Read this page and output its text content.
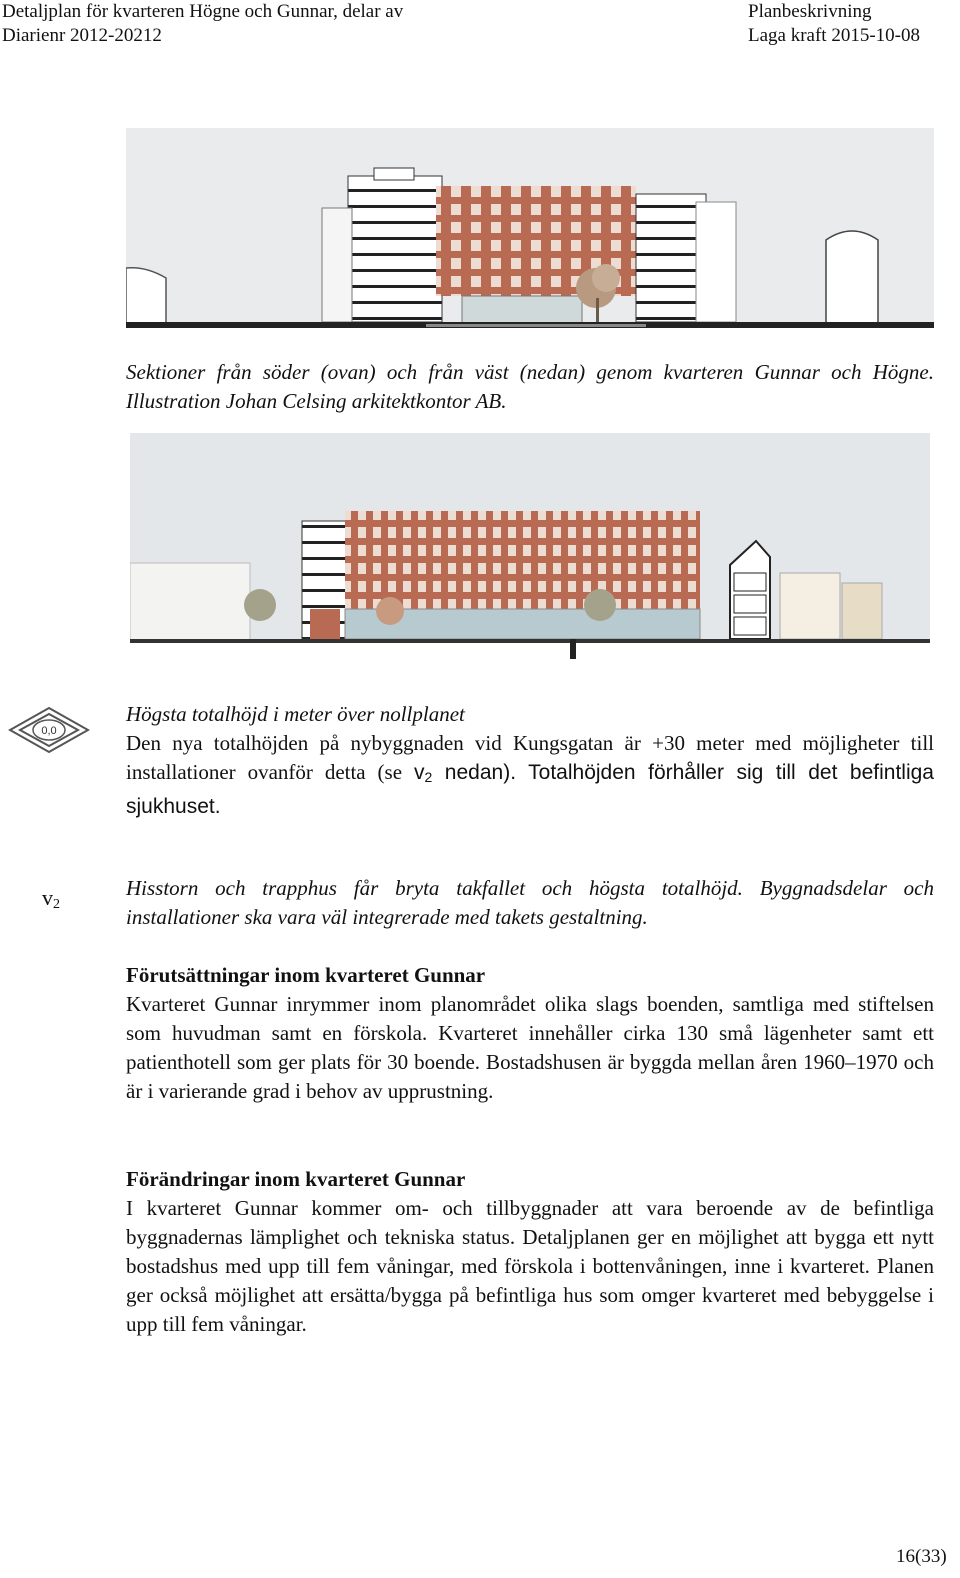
Detaljplan för kvarteren Högne och Gunnar, delar av
Diarienr 2012-20212
Planbeskrivning
Laga kraft 2015-10-08
Sektioner från söder (ovan) och från väst (nedan) genom kvarteren Gunnar och Högne. Illustration Johan Celsing arkitektkontor AB.
0,0
Högsta totalhöjd i meter över nollplanet
Den nya totalhöjden på nybyggnaden vid Kungsgatan är +30 meter med möjligheter till installationer ovanför detta (se $v_2$ nedan). Totalhöjden förhåller sig till det befintliga sjukhuset.
$v_2$
Hisstorn och trapphus får bryta takfallet och högsta totalhöjd. Byggnadsdelar och installationer ska vara väl integrerade med takets gestaltning.
Förutsättningar inom kvarteret Gunnar
Kvarteret Gunnar inrymmer inom planområdet olika slags boenden, samtliga med stiftelsen som huvudman samt en förskola. Kvarteret innehåller cirka 130 små lägenheter samt ett patienthotell som ger plats för 30 boende. Bostadshusen är byggda mellan åren 1960–1970 och är i varierande grad i behov av upprustning.
Förändringar inom kvarteret Gunnar
I kvarteret Gunnar kommer om- och tillbyggnader att vara beroende av de befintliga byggnadernas lämplighet och tekniska status. Detaljplanen ger en möjlighet att bygga ett nytt bostadshus med upp till fem våningar, med förskola i bottenvåningen, inne i kvarteret. Planen ger också möjlighet att ersätta/bygga på befintliga hus som omger kvarteret med bebyggelse i upp till fem våningar.
16(33)
